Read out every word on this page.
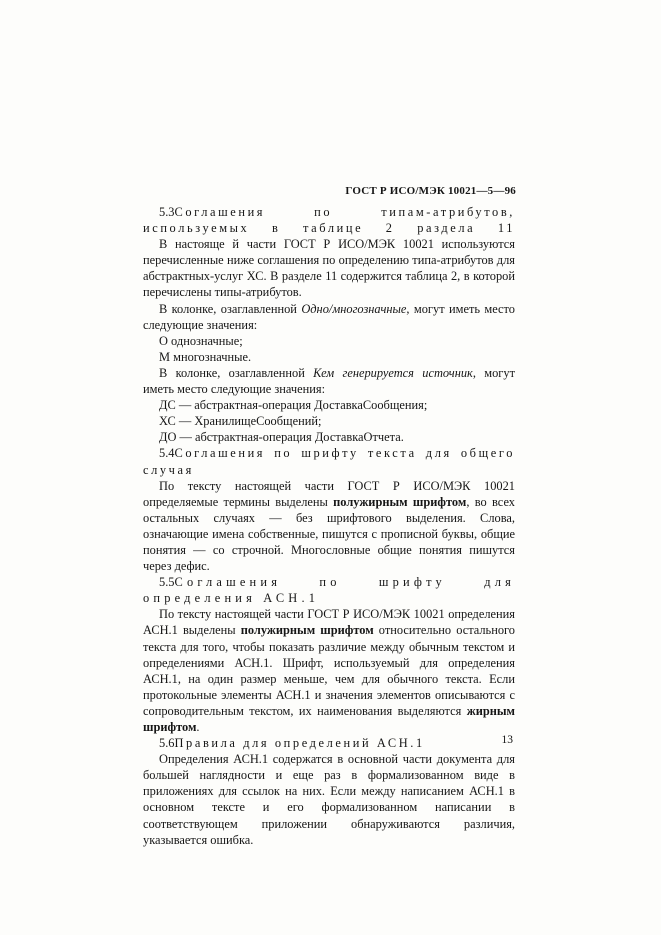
ГОСТ Р ИСО/МЭК 10021—5—96

5.3Соглашения по типам-атрибутов, используемых в таблице 2 раздела 11

В настояще й части ГОСТ Р ИСО/МЭК 10021 используются перечисленные ниже соглашения по определению типа-атрибутов для абстрактных-услуг ХС. В разделе 11 содержится таблица 2, в которой перечислены типы-атрибутов.

В колонке, озаглавленной Одно/многозначные, могут иметь место следующие значения:

О однозначные;

М многозначные.

В колонке, озаглавленной Кем генерируется источник, могут иметь место следующие значения:

ДС — абстрактная-операция ДоставкаСообщения;

ХС — ХранилищеСообщений;

ДО — абстрактная-операция ДоставкаОтчета.

5.4Соглашения по шрифту текста для общего случая

По тексту настоящей части ГОСТ Р ИСО/МЭК 10021 определяемые термины выделены полужирным шрифтом, во всех остальных случаях — без шрифтового выделения. Слова, означающие имена собственные, пишутся с прописной буквы, общие понятия — со строчной. Многословные общие понятия пишутся через дефис.

5.5Соглашения по шрифту для определения АСН.1

По тексту настоящей части ГОСТ Р ИСО/МЭК 10021 определения АСН.1 выделены полужирным шрифтом относительно остального текста для того, чтобы показать различие между обычным текстом и определениями АСН.1. Шрифт, используемый для определения АСН.1, на один размер меньше, чем для обычного текста. Если протокольные элементы АСН.1 и значения элементов описываются с сопроводительным текстом, их наименования выделяются жирным шрифтом.

5.6Правила для определений АСН.1

Определения АСН.1 содержатся в основной части документа для большей наглядности и еще раз в формализованном виде в приложениях для ссылок на них. Если между написанием АСН.1 в основном тексте и его формализованном написании в соответствующем приложении обнаруживаются различия, указывается ошибка.

13
